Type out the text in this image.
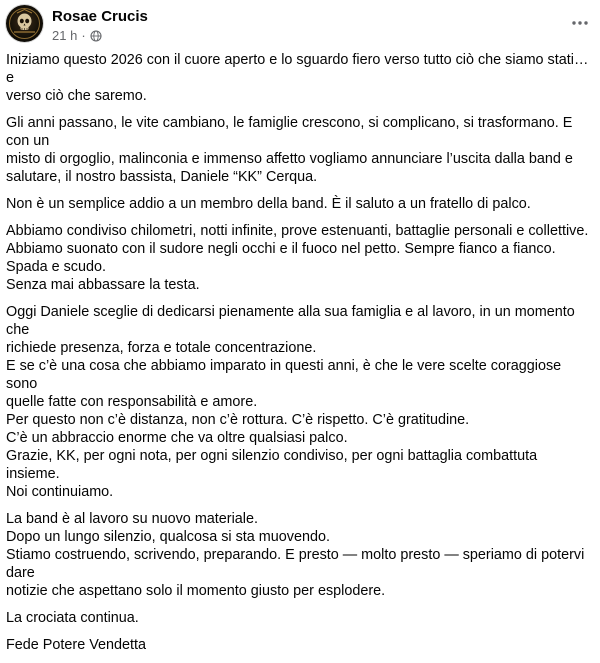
Rosae Crucis
21 h ·

Iniziamo questo 2026 con il cuore aperto e lo sguardo fiero verso tutto ciò che siamo stati… e
verso ciò che saremo.

Gli anni passano, le vite cambiano, le famiglie crescono, si complicano, si trasformano. E con un
misto di orgoglio, malinconia e immenso affetto vogliamo annunciare l’uscita dalla band e
salutare, il nostro bassista, Daniele “KK” Cerqua.

Non è un semplice addio a un membro della band. È il saluto a un fratello di palco.

Abbiamo condiviso chilometri, notti infinite, prove estenuanti, battaglie personali e collettive.
Abbiamo suonato con il sudore negli occhi e il fuoco nel petto. Sempre fianco a fianco.
Spada e scudo.
Senza mai abbassare la testa.

Oggi Daniele sceglie di dedicarsi pienamente alla sua famiglia e al lavoro, in un momento che
richiede presenza, forza e totale concentrazione.
E se c’è una cosa che abbiamo imparato in questi anni, è che le vere scelte coraggiose sono
quelle fatte con responsabilità e amore.
Per questo non c’è distanza, non c’è rottura. C’è rispetto. C’è gratitudine.
C’è un abbraccio enorme che va oltre qualsiasi palco.
Grazie, KK, per ogni nota, per ogni silenzio condiviso, per ogni battaglia combattuta insieme.
Noi continuiamo.

La band è al lavoro su nuovo materiale.
Dopo un lungo silenzio, qualcosa si sta muovendo.
Stiamo costruendo, scrivendo, preparando. E presto — molto presto — speriamo di potervi dare
notizie che aspettano solo il momento giusto per esplodere.

La crociata continua.

Fede Potere Vendetta
